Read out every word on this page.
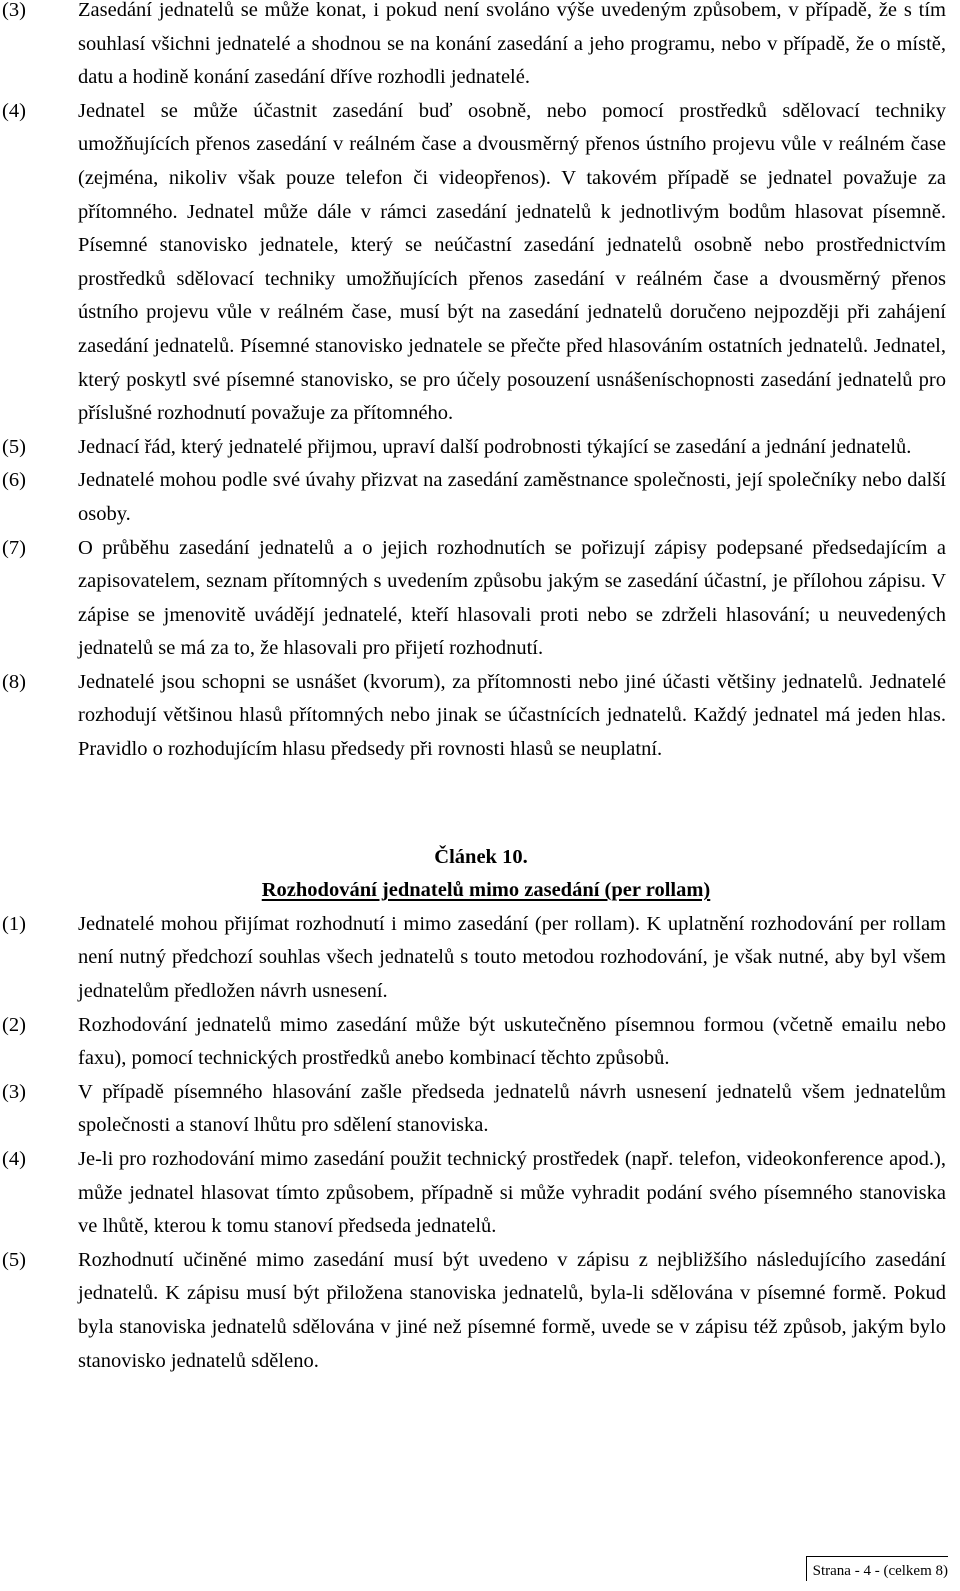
(3)	Zasedání jednatelů se může konat, i pokud není svoláno výše uvedeným způsobem, v případě, že s tím souhlasí všichni jednatelé a shodnou se na konání zasedání a jeho programu, nebo v případě, že o místě, datu a hodině konání zasedání dříve rozhodli jednatelé.
(4)	Jednatel se může účastnit zasedání buď osobně, nebo pomocí prostředků sdělovací techniky umožňujících přenos zasedání v reálném čase a dvousměrný přenos ústního projevu vůle v reálném čase (zejména, nikoliv však pouze telefon či videopřenos). V takovém případě se jednatel považuje za přítomného. Jednatel může dále v rámci zasedání jednatelů k jednotlivým bodům hlasovat písemně. Písemné stanovisko jednatele, který se neúčastní zasedání jednatelů osobně nebo prostřednictvím prostředků sdělovací techniky umožňujících přenos zasedání v reálném čase a dvousměrný přenos ústního projevu vůle v reálném čase, musí být na zasedání jednatelů doručeno nejpozději při zahájení zasedání jednatelů. Písemné stanovisko jednatele se přečte před hlasováním ostatních jednatelů. Jednatel, který poskytl své písemné stanovisko, se pro účely posouzení usnášeníschopnosti zasedání jednatelů pro příslušné rozhodnutí považuje za přítomného.
(5)	Jednací řád, který jednatelé přijmou, upraví další podrobnosti týkající se zasedání a jednání jednatelů.
(6)	Jednatelé mohou podle své úvahy přizvat na zasedání zaměstnance společnosti, její společníky nebo další osoby.
(7)	O průběhu zasedání jednatelů a o jejich rozhodnutích se pořizují zápisy podepsané předsedajícím a zapisovatelem, seznam přítomných s uvedením způsobu jakým se zasedání účastní, je přílohou zápisu. V zápise se jmenovitě uvádějí jednatelé, kteří hlasovali proti nebo se zdrželi hlasování; u neuvedených jednatelů se má za to, že hlasovali pro přijetí rozhodnutí.
(8)	Jednatelé jsou schopni se usnášet (kvorum), za přítomnosti nebo jiné účasti většiny jednatelů. Jednatelé rozhodují většinou hlasů přítomných nebo jinak se účastnících jednatelů. Každý jednatel má jeden hlas. Pravidlo o rozhodujícím hlasu předsedy při rovnosti hlasů se neuplatní.
Článek 10.
Rozhodování jednatelů mimo zasedání (per rollam)
(1)	Jednatelé mohou přijímat rozhodnutí i mimo zasedání (per rollam). K uplatnění rozhodování per rollam není nutný předchozí souhlas všech jednatelů s touto metodou rozhodování, je však nutné, aby byl všem jednatelům předložen návrh usnesení.
(2)	Rozhodování jednatelů mimo zasedání může být uskutečněno písemnou formou (včetně emailu nebo faxu), pomocí technických prostředků anebo kombinací těchto způsobů.
(3)	V případě písemného hlasování zašle předseda jednatelů návrh usnesení jednatelů všem jednatelům společnosti a stanoví lhůtu pro sdělení stanoviska.
(4)	Je-li pro rozhodování mimo zasedání použit technický prostředek (např. telefon, videokonference apod.), může jednatel hlasovat tímto způsobem, případně si může vyhradit podání svého písemného stanoviska ve lhůtě, kterou k tomu stanoví předseda jednatelů.
(5)	Rozhodnutí učiněné mimo zasedání musí být uvedeno v zápisu z nejbližšího následujícího zasedání jednatelů. K zápisu musí být přiložena stanoviska jednatelů, byla-li sdělována v písemné formě. Pokud byla stanoviska jednatelů sdělována v jiné než písemné formě, uvede se v zápisu též způsob, jakým bylo stanovisko jednatelů sděleno.
Strana - 4 - (celkem 8)
